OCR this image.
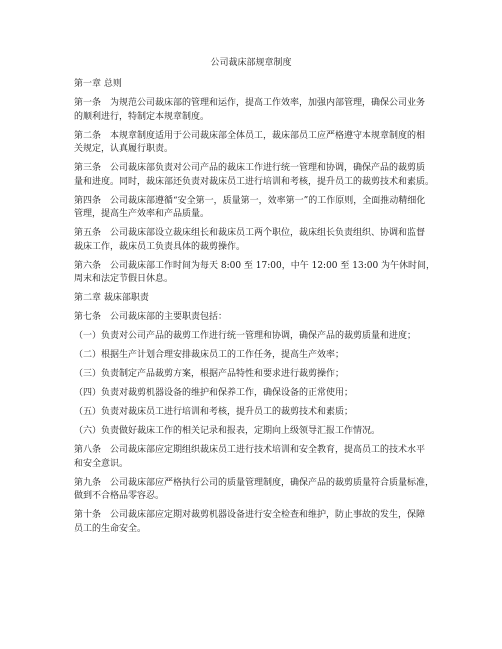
公司裁床部规章制度

第一章 总则

第一条　为规范公司裁床部的管理和运作，提高工作效率，加强内部管理，确保公司业务
的顺利进行，特制定本规章制度。

第二条　本规章制度适用于公司裁床部全体员工，裁床部员工应严格遵守本规章制度的相
关规定，认真履行职责。

第三条　公司裁床部负责对公司产品的裁床工作进行统一管理和协调，确保产品的裁剪质
量和进度。同时，裁床部还负责对裁床员工进行培训和考核，提升员工的裁剪技术和素质。

第四条　公司裁床部遵循“安全第一，质量第一，效率第一”的工作原则，全面推动精细化
管理，提高生产效率和产品质量。

第五条　公司裁床部设立裁床组长和裁床员工两个职位，裁床组长负责组织、协调和监督
裁床工作，裁床员工负责具体的裁剪操作。

第六条　公司裁床部工作时间为每天 8:00 至 17:00，中午 12:00 至 13:00 为午休时间，
周末和法定节假日休息。

第二章 裁床部职责

第七条　公司裁床部的主要职责包括：

（一）负责对公司产品的裁剪工作进行统一管理和协调，确保产品的裁剪质量和进度；

（二）根据生产计划合理安排裁床员工的工作任务，提高生产效率；

（三）负责制定产品裁剪方案，根据产品特性和要求进行裁剪操作；

（四）负责对裁剪机器设备的维护和保养工作，确保设备的正常使用；

（五）负责对裁床员工进行培训和考核，提升员工的裁剪技术和素质；

（六）负责做好裁床工作的相关记录和报表，定期向上级领导汇报工作情况。

第八条　公司裁床部应定期组织裁床员工进行技术培训和安全教育，提高员工的技术水平
和安全意识。

第九条　公司裁床部应严格执行公司的质量管理制度，确保产品的裁剪质量符合质量标准，
做到不合格品零容忍。

第十条　公司裁床部应定期对裁剪机器设备进行安全检查和维护，防止事故的发生，保障
员工的生命安全。
